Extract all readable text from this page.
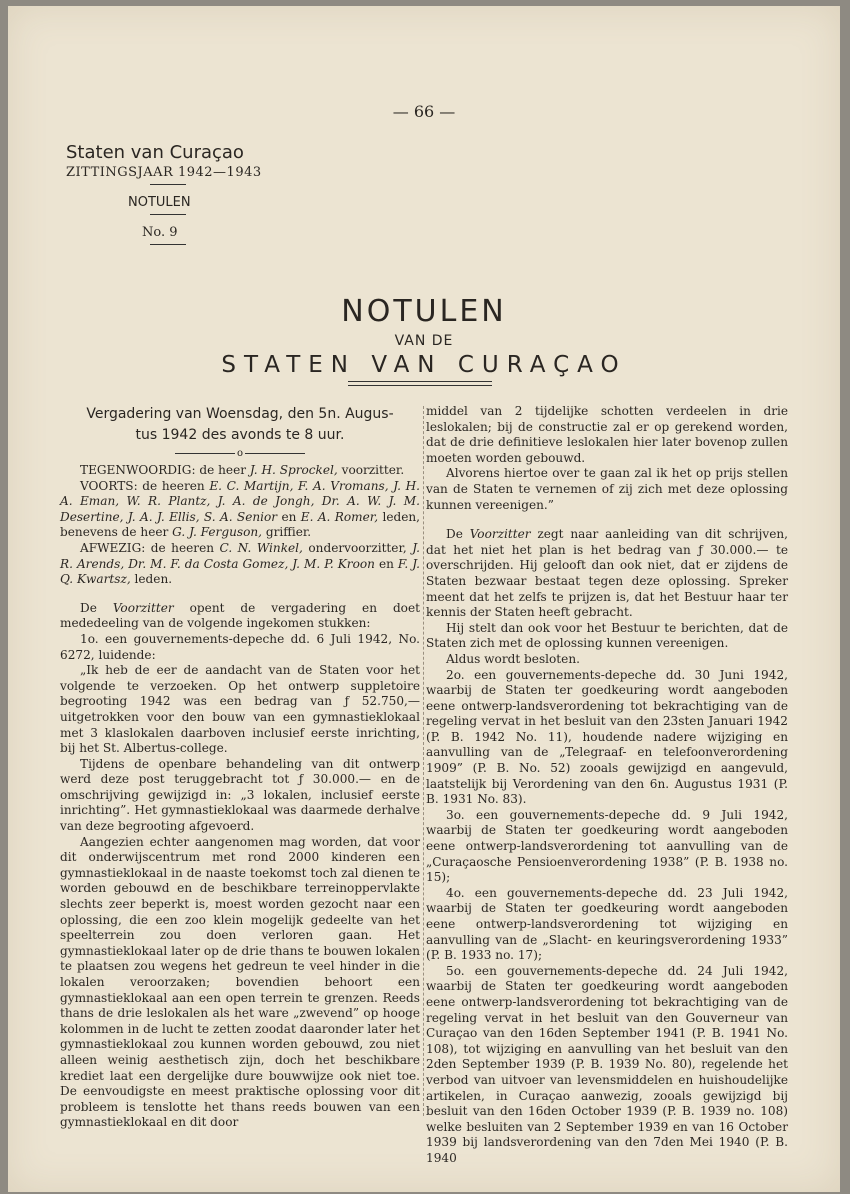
— 66 —
Staten van Curaçao
ZITTINGSJAAR 1942—1943
NOTULEN
No. 9
NOTULEN
VAN DE
STATEN VAN CURAÇAO
Vergadering van Woensdag, den 5n. Augus-
tus 1942 des avonds te 8 uur.
o

TEGENWOORDIG: de heer J. H. Sprockel, voorzitter.

VOORTS: de heeren E. C. Martijn, F. A. Vromans, J. H. A. Eman, W. R. Plantz, J. A. de Jongh, Dr. A. W. J. M. Desertine, J. A. J. Ellis, S. A. Senior en E. A. Romer, leden, benevens de heer G. J. Ferguson, griffier.

AFWEZIG: de heeren C. N. Winkel, ondervoorzitter, J. R. Arends, Dr. M. F. da Costa Gomez, J. M. P. Kroon en F. J. Q. Kwartsz, leden.

De Voorzitter opent de vergadering en doet mededeeling van de volgende ingekomen stukken:

1o. een gouvernements-depeche dd. 6 Juli 1942, No. 6272, luidende:

„Ik heb de eer de aandacht van de Staten voor het volgende te verzoeken. Op het ontwerp suppletoire begrooting 1942 was een bedrag van ƒ 52.750,— uitgetrokken voor den bouw van een gymnastieklokaal met 3 klaslokalen daarboven inclusief eerste inrichting, bij het St. Albertus-college.

Tijdens de openbare behandeling van dit ontwerp werd deze post teruggebracht tot ƒ 30.000.— en de omschrijving gewijzigd in: „3 lokalen, inclusief eerste inrichting”. Het gymnastieklokaal was daarmede derhalve van deze begrooting afgevoerd.

Aangezien echter aangenomen mag worden, dat voor dit onderwijscentrum met rond 2000 kinderen een gymnastieklokaal in de naaste toekomst toch zal dienen te worden gebouwd en de beschikbare terreinoppervlakte slechts zeer beperkt is, moest worden gezocht naar een oplossing, die een zoo klein mogelijk gedeelte van het speelterrein zou doen verloren gaan. Het gymnastieklokaal later op de drie thans te bouwen lokalen te plaatsen zou wegens het gedreun te veel hinder in die lokalen veroorzaken; bovendien behoort een gymnastieklokaal aan een open terrein te grenzen. Reeds thans de drie leslokalen als het ware „zwevend” op hooge kolommen in de lucht te zetten zoodat daaronder later het gymnastieklokaal zou kunnen worden gebouwd, zou niet alleen weinig aesthetisch zijn, doch het beschikbare krediet laat een dergelijke dure bouwwijze ook niet toe. De eenvoudigste en meest praktische oplossing voor dit probleem is tenslotte het thans reeds bouwen van een gymnastieklokaal en dit door

middel van 2 tijdelijke schotten verdeelen in drie leslokalen; bij de constructie zal er op gerekend worden, dat de drie definitieve leslokalen hier later bovenop zullen moeten worden gebouwd.

Alvorens hiertoe over te gaan zal ik het op prijs stellen van de Staten te vernemen of zij zich met deze oplossing kunnen vereenigen.”

De Voorzitter zegt naar aanleiding van dit schrijven, dat het niet het plan is het bedrag van ƒ 30.000.— te overschrijden. Hij gelooft dan ook niet, dat er zijdens de Staten bezwaar bestaat tegen deze oplossing. Spreker meent dat het zelfs te prijzen is, dat het Bestuur haar ter kennis der Staten heeft gebracht.

Hij stelt dan ook voor het Bestuur te berichten, dat de Staten zich met de oplossing kunnen vereenigen.

Aldus wordt besloten.

2o. een gouvernements-depeche dd. 30 Juni 1942, waarbij de Staten ter goedkeuring wordt aangeboden eene ontwerp-landsverordening tot bekrachtiging van de regeling vervat in het besluit van den 23sten Januari 1942 (P. B. 1942 No. 11), houdende nadere wijziging en aanvulling van de „Telegraaf- en telefoonverordening 1909” (P. B. No. 52) zooals gewijzigd en aangevuld, laatstelijk bij Verordening van den 6n. Augustus 1931 (P. B. 1931 No. 83).

3o. een gouvernements-depeche dd. 9 Juli 1942, waarbij de Staten ter goedkeuring wordt aangeboden eene ontwerp-landsverordening tot aanvulling van de „Curaçaosche Pensioenverordening 1938” (P. B. 1938 no. 15);

4o. een gouvernements-depeche dd. 23 Juli 1942, waarbij de Staten ter goedkeuring wordt aangeboden eene ontwerp-landsverordening tot wijziging en aanvulling van de „Slacht- en keuringsverordening 1933” (P. B. 1933 no. 17);

5o. een gouvernements-depeche dd. 24 Juli 1942, waarbij de Staten ter goedkeuring wordt aangeboden eene ontwerp-landsverordening tot bekrachtiging van de regeling vervat in het besluit van den Gouverneur van Curaçao van den 16den September 1941 (P. B. 1941 No. 108), tot wijziging en aanvulling van het besluit van den 2den September 1939 (P. B. 1939 No. 80), regelende het verbod van uitvoer van levensmiddelen en huishoudelijke artikelen, in Curaçao aanwezig, zooals gewijzigd bij besluit van den 16den October 1939 (P. B. 1939 no. 108) welke besluiten van 2 September 1939 en van 16 October 1939 bij landsverordening van den 7den Mei 1940 (P. B. 1940
